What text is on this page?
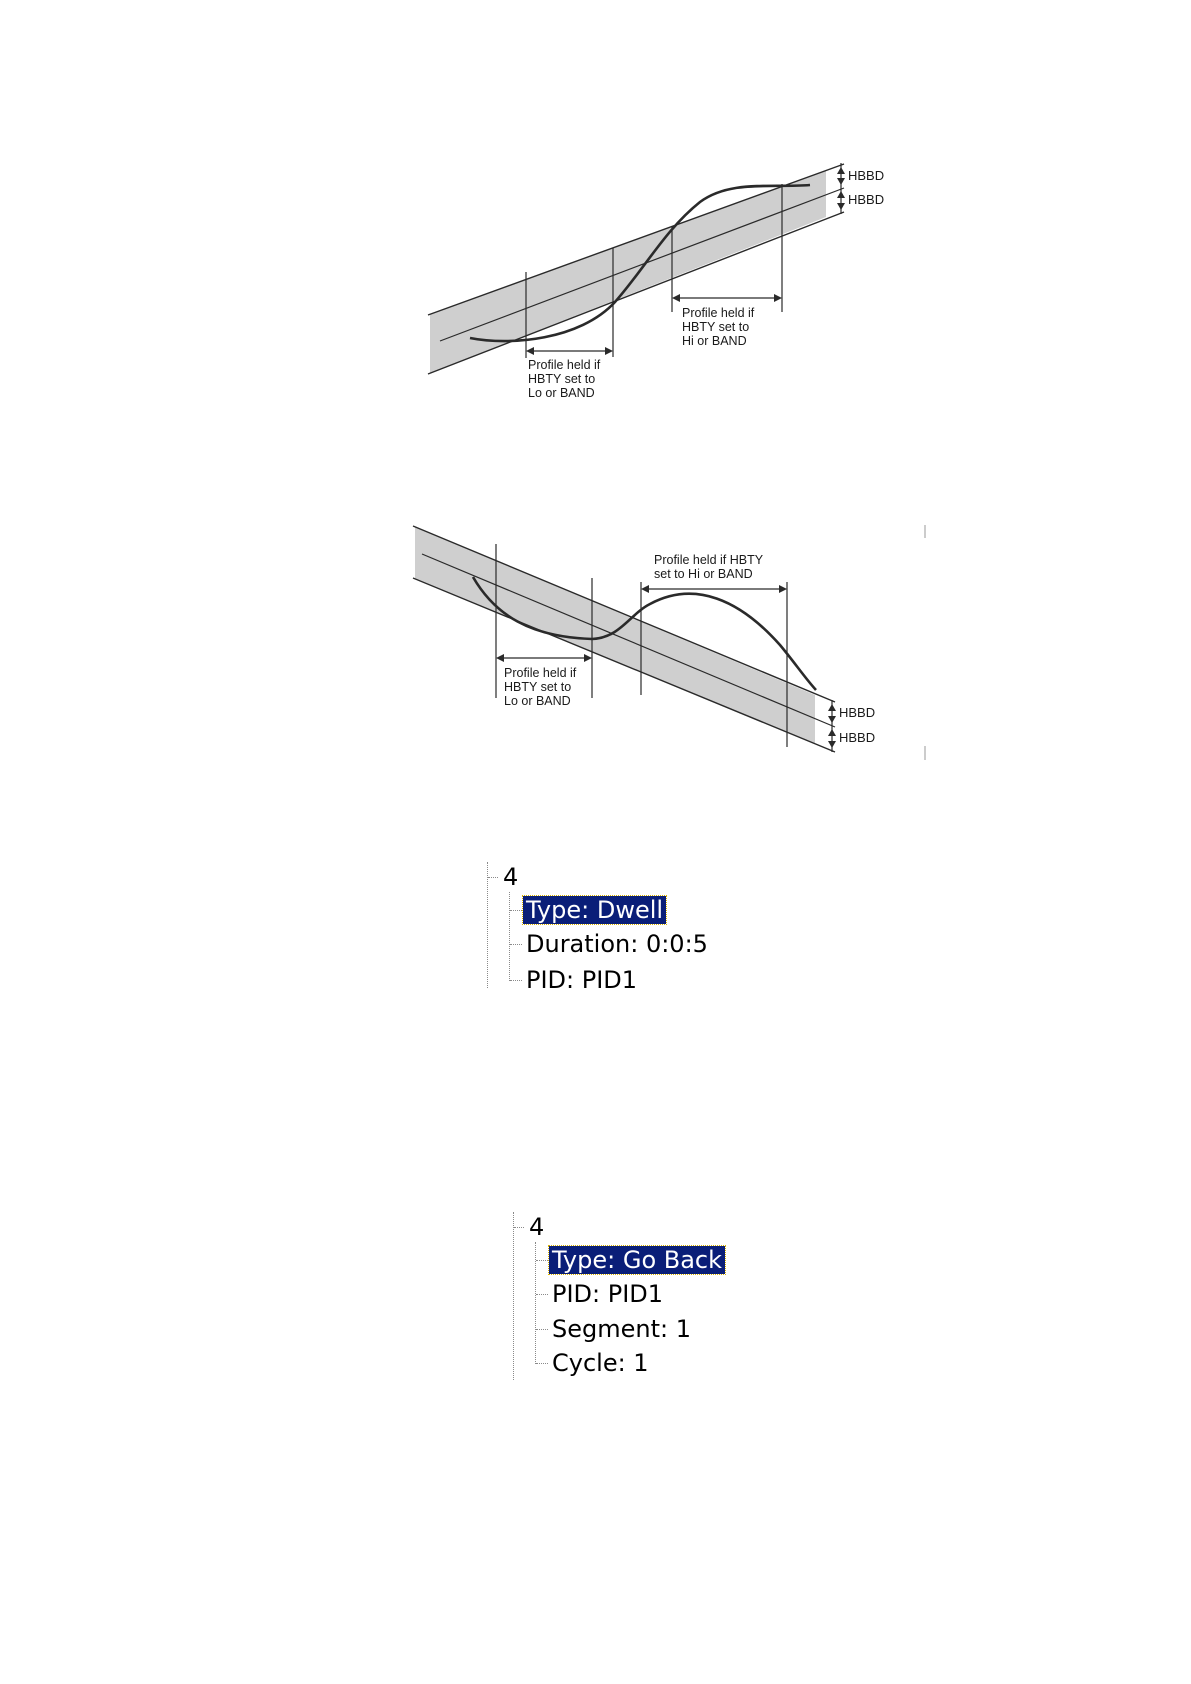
HBBD
HBBD
Profile held if
HBTY set to
Lo or BAND
Profile held if
HBTY set to
Hi or BAND
HBBD
HBBD
Profile held if
HBTY set to
Lo or BAND
Profile held if HBTY
set to Hi or BAND
4
Type: Dwell
Duration: 0:0:5
PID: PID1
4
Type: Go Back
PID: PID1
Segment: 1
Cycle: 1
